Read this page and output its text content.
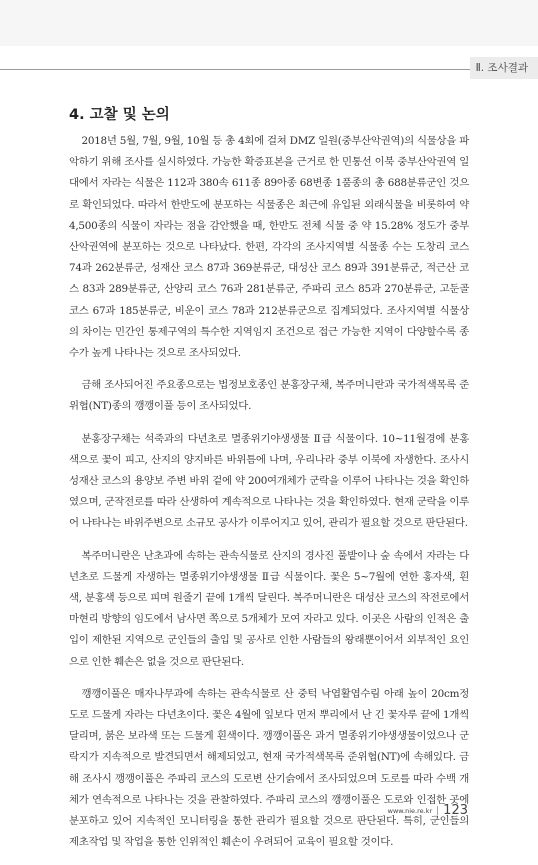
Ⅱ. 조사결과
4. 고찰 및 논의

2018년 5월, 7월, 9월, 10월 등 총 4회에 걸쳐 DMZ 일원(중부산악권역)의 식물상을 파악하기 위해 조사를 실시하였다. 가능한 확증표본을 근거로 한 민통선 이북 중부산악권역 일대에서 자라는 식물은 112과 380속 611종 89아종 68변종 1품종의 총 688분류군인 것으로 확인되었다. 따라서 한반도에 분포하는 식물종은 최근에 유입된 외래식물을 비롯하여 약 4,500종의 식물이 자라는 점을 감안했을 때, 한반도 전체 식물 중 약 15.28% 정도가 중부산악권역에 분포하는 것으로 나타났다. 한편, 각각의 조사지역별 식물종 수는 도창리 코스 74과 262분류군, 성재산 코스 87과 369분류군, 대성산 코스 89과 391분류군, 적근산 코스 83과 289분류군, 산양리 코스 76과 281분류군, 주파리 코스 85과 270분류군, 고둔골 코스 67과 185분류군, 비운이 코스 78과 212분류군으로 집계되었다. 조사지역별 식물상의 차이는 민간인 통제구역의 특수한 지역임지 조건으로 접근 가능한 지역이 다양할수록 종 수가 높게 나타나는 것으로 조사되었다.

금해 조사되어진 주요종으로는 법정보호종인 분홍장구채, 복주머니란과 국가적색목록 준위협(NT)종의 깽깽이풀 등이 조사되었다.

분홍장구채는 석죽과의 다년초로 멸종위기야생생물 Ⅱ급 식물이다. 10~11월경에 분홍색으로 꽃이 피고, 산지의 양지바른 바위틈에 나며, 우리나라 중부 이북에 자생한다. 조사시 성재산 코스의 용양보 주변 바위 겉에 약 200여개체가 군락을 이루어 나타나는 것을 확인하였으며, 군작전로를 따라 산생하여 계속적으로 나타나는 것을 확인하였다. 현재 군락을 이루어 나타나는 바위주변으로 소규모 공사가 이루어지고 있어, 관리가 필요할 것으로 판단된다.

복주머니란은 난초과에 속하는 관속식물로 산지의 경사진 풀밭이나 숲 속에서 자라는 다년초로 드물게 자생하는 멸종위기야생생물 Ⅱ급 식물이다. 꽃은 5~7월에 연한 홍자색, 흰색, 분홍색 등으로 피며 원줄기 끝에 1개씩 달린다. 복주머니란은 대성산 코스의 작전로에서 마현리 방향의 임도에서 남사면 쪽으로 5개체가 모여 자라고 있다. 이곳은 사람의 인적은 출입이 제한된 지역으로 군인들의 출입 및 공사로 인한 사람들의 왕래뿐이어서 외부적인 요인으로 인한 훼손은 없을 것으로 판단된다.

깽깽이풀은 매자나무과에 속하는 관속식물로 산 중턱 낙엽활엽수림 아래 높이 20cm정도로 드물게 자라는 다년초이다. 꽃은 4월에 잎보다 먼저 뿌리에서 난 긴 꽃자루 끝에 1개씩 달리며, 붉은 보라색 또는 드물게 흰색이다. 깽깽이풀은 과거 멸종위기야생생물이었으나 군락지가 지속적으로 발견되면서 해제되었고, 현재 국가적색목록 준위협(NT)에 속해있다. 금해 조사시 깽깽이풀은 주파리 코스의 도로변 산기슭에서 조사되었으며 도로를 따라 수백 개체가 연속적으로 나타나는 것을 관찰하였다. 주파리 코스의 깽깽이풀은 도로와 인접한 곳에 분포하고 있어 지속적인 모니터링을 통한 관리가 필요할 것으로 판단된다. 특히, 군인들의 제초작업 및 작업을 통한 인위적인 훼손이 우려되어 교육이 필요할 것이다.

www.nie.re.kr | 123
